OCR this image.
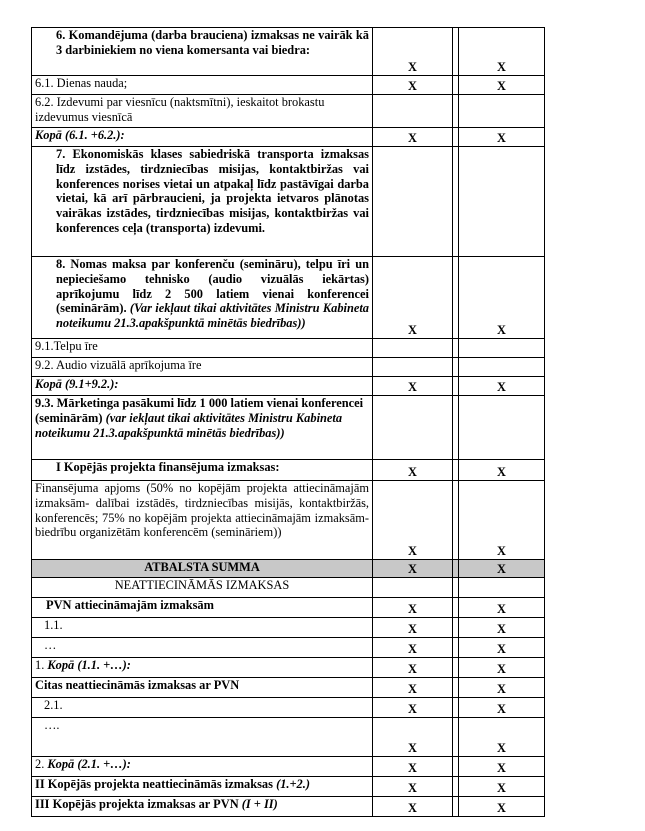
6. Komandējuma (darba brauciena) izmaksas ne vairāk kā 3 darbiniekiem no viena komersanta vai biedra:	X		X
6.1. Dienas nauda;	X		X
6.2. Izdevumi par viesnīcu (naktsmītni), ieskaitot brokastu izdevumus viesnīcā			
Kopā (6.1. +6.2.):	X		X
7. Ekonomiskās klases sabiedriskā transporta izmaksas līdz izstādes, tirdzniecības misijas, kontaktbiržas vai konferences norises vietai un atpakaļ līdz pastāvīgai darba vietai, kā arī pārbraucieni, ja projekta ietvaros plānotas vairākas izstādes, tirdzniecības misijas, kontaktbiržas vai konferences ceļa (transporta) izdevumi.			
8. Nomas maksa par konferenču (semināru), telpu īri un nepieciešamo tehnisko (audio vizuālās iekārtas) aprīkojumu līdz 2 500 latiem vienai konferencei (seminārām). (Var iekļaut tikai aktivitātes Ministru Kabineta noteikumu 21.3.apakšpunktā minētās biedrības))	X		X
9.1.Telpu īre			
9.2. Audio vizuālā aprīkojuma īre			
Kopā (9.1+9.2.):	X		X
9.3. Mārketinga pasākumi līdz 1 000 latiem vienai konferencei (seminārām) (var iekļaut tikai aktivitātes Ministru Kabineta noteikumu 21.3.apakšpunktā minētās biedrības))			
I Kopējās projekta finansējuma izmaksas:	X		X
Finansējuma apjoms (50% no kopējām projekta attiecināmajām izmaksām- dalībai izstādēs, tirdzniecības misijās, kontaktbiržās, konferencēs; 75% no kopējām projekta attiecināmajām izmaksām- biedrību organizētām konferencēm (semināriem))	X		X
ATBALSTA SUMMA	X		X
NEATTIECINĀMĀS IZMAKSAS			
PVN attiecināmajām izmaksām	X		X
1.1.	X		X
…	X		X
1. Kopā (1.1. +…):	X		X
Citas neattiecināmās izmaksas ar PVN	X		X
2.1.	X		X
….	X		X
2. Kopā (2.1. +…):	X		X
II Kopējās projekta neattiecināmās izmaksas (1.+2.)	X		X
III Kopējās projekta izmaksas ar PVN (I + II)	X		X
